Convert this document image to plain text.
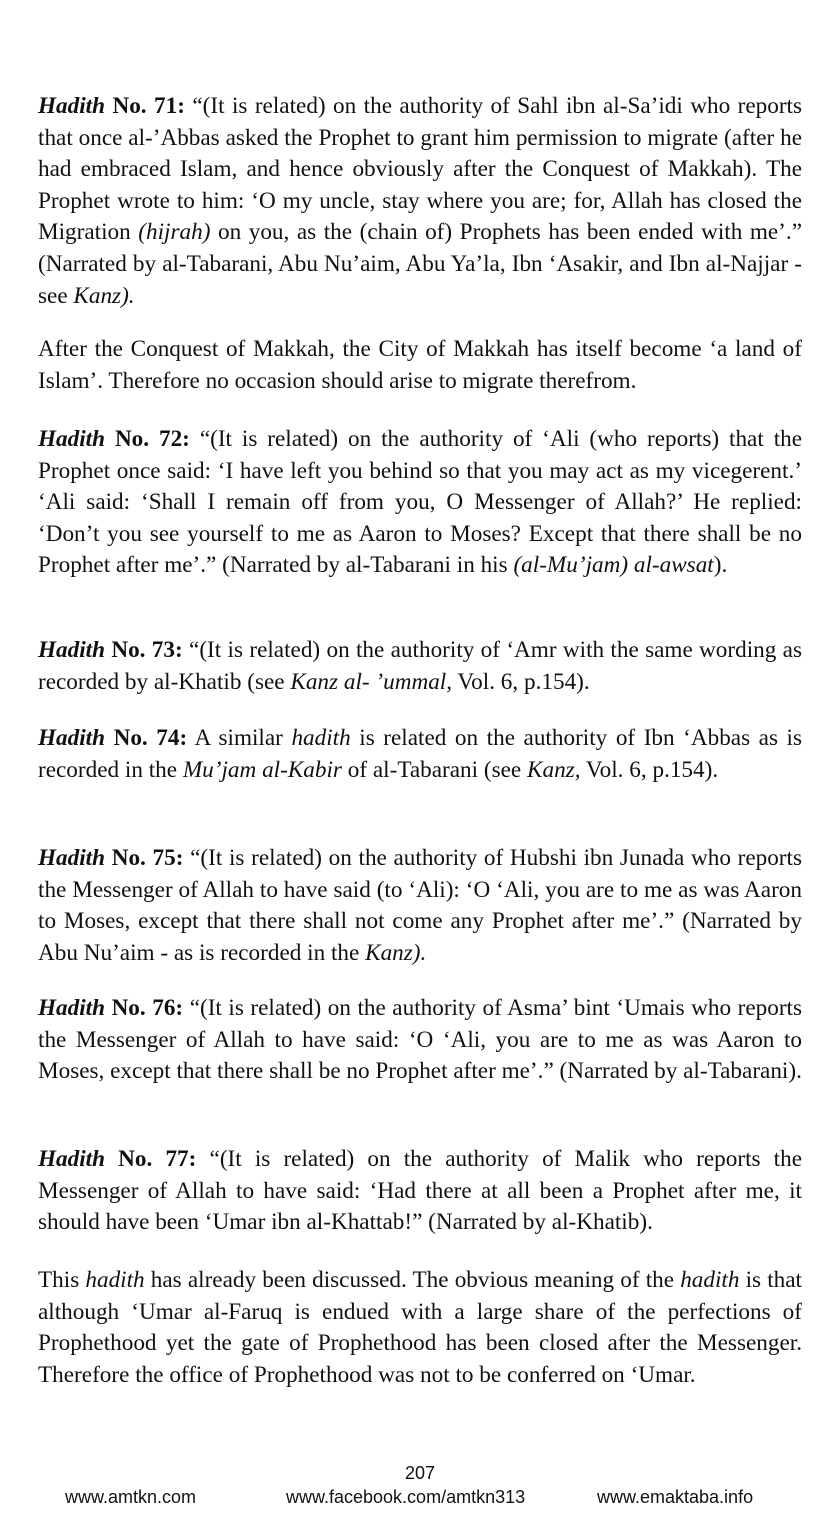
Hadith No. 71: “(It is related) on the authority of Sahl ibn al-Sa’idi who reports that once al-’Abbas asked the Prophet to grant him permission to migrate (after he had embraced Islam, and hence obviously after the Conquest of Makkah). The Prophet wrote to him: ‘O my uncle, stay where you are; for, Allah has closed the Migration (hijrah) on you, as the (chain of) Prophets has been ended with me’.” (Narrated by al-Tabarani, Abu Nu’aim, Abu Ya’la, Ibn ‘Asakir, and Ibn al-Najjar - see Kanz).

After the Conquest of Makkah, the City of Makkah has itself become ‘a land of Islam’. Therefore no occasion should arise to migrate therefrom.

Hadith No. 72: “(It is related) on the authority of ‘Ali (who reports) that the Prophet once said: ‘I have left you behind so that you may act as my vicegerent.’ ‘Ali said: ‘Shall I remain off from you, O Messenger of Allah?’ He replied: ‘Don’t you see yourself to me as Aaron to Moses? Except that there shall be no Prophet after me’.” (Narrated by al-Tabarani in his (al-Mu’jam) al-awsat).

Hadith No. 73: “(It is related) on the authority of ‘Amr with the same wording as recorded by al-Khatib (see Kanz al- ’ummal, Vol. 6, p.154).

Hadith No. 74: A similar hadith is related on the authority of Ibn ‘Abbas as is recorded in the Mu’jam al-Kabir of al-Tabarani (see Kanz, Vol. 6, p.154).

Hadith No. 75: “(It is related) on the authority of Hubshi ibn Junada who reports the Messenger of Allah to have said (to ‘Ali): ‘O ‘Ali, you are to me as was Aaron to Moses, except that there shall not come any Prophet after me’.” (Narrated by Abu Nu’aim - as is recorded in the Kanz).

Hadith No. 76: “(It is related) on the authority of Asma’ bint ‘Umais who reports the Messenger of Allah to have said: ‘O ‘Ali, you are to me as was Aaron to Moses, except that there shall be no Prophet after me’.” (Narrated by al-Tabarani).

Hadith No. 77: “(It is related) on the authority of Malik who reports the Messenger of Allah to have said: ‘Had there at all been a Prophet after me, it should have been ‘Umar ibn al-Khattab!” (Narrated by al-Khatib).

This hadith has already been discussed. The obvious meaning of the hadith is that although ‘Umar al-Faruq is endued with a large share of the perfections of Prophethood yet the gate of Prophethood has been closed after the Messenger. Therefore the office of Prophethood was not to be conferred on ‘Umar.

207
www.amtkn.com	www.facebook.com/amtkn313	www.emaktaba.info
